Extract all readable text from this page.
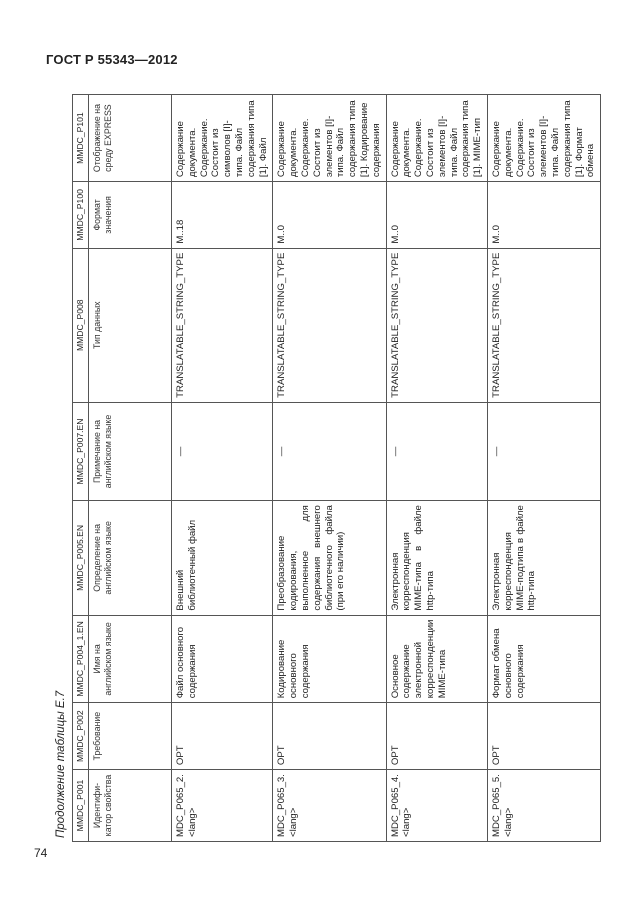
ГОСТ Р 55343—2012
Продолжение таблицы Е.7 MMDC_P001	MMDC_P002	MMDC_P004_1.EN	MMDC_P005.EN	MMDC_P007.EN	MMDC_P008	MMDC_P100	MMDC_P101
Идентифи-катор свойства	Требование	Имя на английском языке	Определение на английском языке	Примечание на английском языке	Тип данных	Формат значения	Отображение на среду EXPRESS
MDC_P065_2.<lang>	OPT	Файл основного содержания	Внешний библиотечный файл	—	TRANSLATABLE_STRING_TYPE	M..18	Содержание документа. Содержание. Состоит из символов [I]-типа. Файл содержания типа [1]. Файл
MDC_P065_3.<lang>	OPT	Кодирование основного содержания	Преобразование кодирования, выполненное для содержания внешнего библиотечного файла (при его наличии)	—	TRANSLATABLE_STRING_TYPE	M..0	Содержание документа. Содержание. Состоит из элементов [I]-типа. Файл содержания типа [1]. Кодирование содержания
MDC_P065_4.<lang>	OPT	Основное содержание электронной корреспонденции MIME-типа	Электронная корреспонденция MIME-типа в файле http-типа	—	TRANSLATABLE_STRING_TYPE	M..0	Содержание документа. Содержание. Состоит из элементов [I]-типа. Файл содержания типа [1]. MIME-тип
MDC_P065_5.<lang>	OPT	Формат обмена основного содержания	Электронная корреспонденция MIME-подтипа в файле http-типа	—	TRANSLATABLE_STRING_TYPE	M..0	Содержание документа. Содержание. Состоит из элементов [I]-типа. Файл содержания типа [1]. Формат обмена
74
